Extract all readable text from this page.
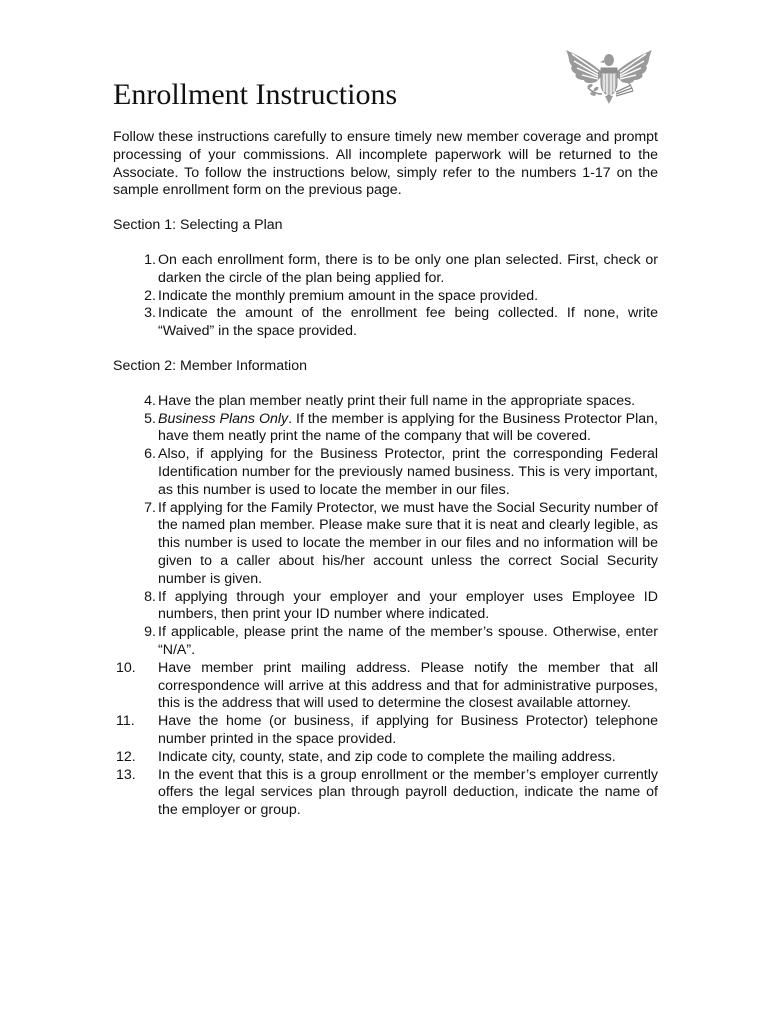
Enrollment Instructions

Follow these instructions carefully to ensure timely new member coverage and prompt processing of your commissions. All incomplete paperwork will be returned to the Associate. To follow the instructions below, simply refer to the numbers 1-17 on the sample enrollment form on the previous page.

Section 1: Selecting a Plan
1. On each enrollment form, there is to be only one plan selected. First, check or darken the circle of the plan being applied for.
2. Indicate the monthly premium amount in the space provided.
3. Indicate the amount of the enrollment fee being collected. If none, write “Waived” in the space provided.
Section 2: Member Information
4. Have the plan member neatly print their full name in the appropriate spaces.
5. Business Plans Only. If the member is applying for the Business Protector Plan, have them neatly print the name of the company that will be covered.
6. Also, if applying for the Business Protector, print the corresponding Federal Identification number for the previously named business. This is very important, as this number is used to locate the member in our files.
7. If applying for the Family Protector, we must have the Social Security number of the named plan member. Please make sure that it is neat and clearly legible, as this number is used to locate the member in our files and no information will be given to a caller about his/her account unless the correct Social Security number is given.
8. If applying through your employer and your employer uses Employee ID numbers, then print your ID number where indicated.
9. If applicable, please print the name of the member’s spouse. Otherwise, enter “N/A”.
10.	Have member print mailing address. Please notify the member that all correspondence will arrive at this address and that for administrative purposes, this is the address that will used to determine the closest available attorney.
11.	Have the home (or business, if applying for Business Protector) telephone number printed in the space provided.
12.	Indicate city, county, state, and zip code to complete the mailing address.
13.	In the event that this is a group enrollment or the member’s employer currently offers the legal services plan through payroll deduction, indicate the name of the employer or group.
